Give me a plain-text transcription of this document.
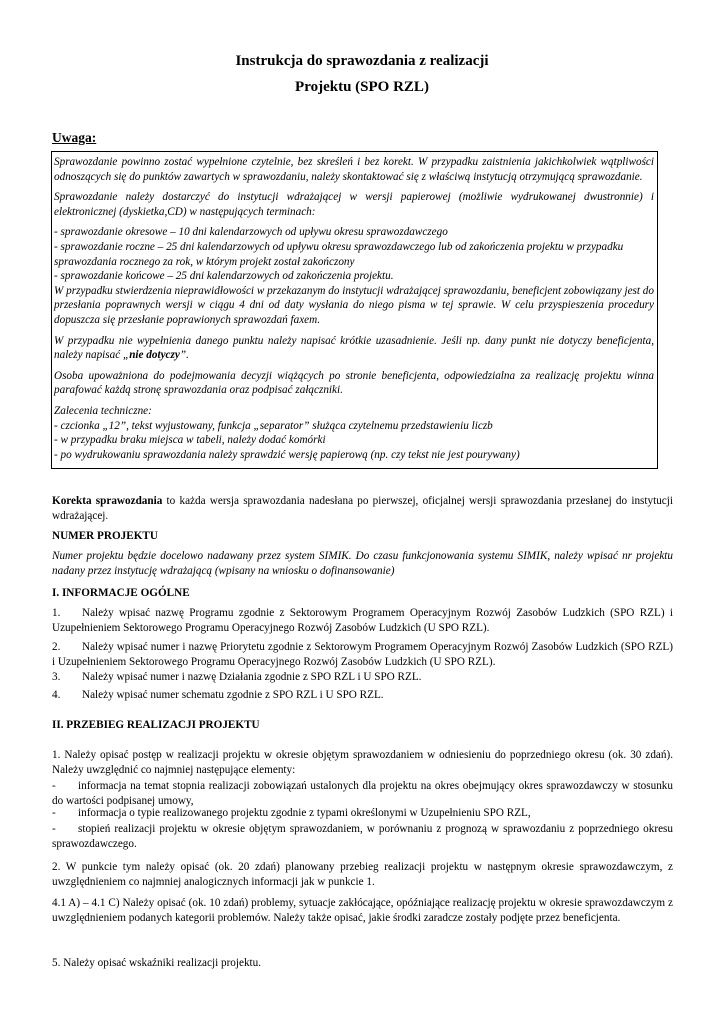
Instrukcja do sprawozdania z realizacji
Projektu (SPO RZL)
Uwaga:

Sprawozdanie powinno zostać wypełnione czytelnie, bez skreśleń i bez korekt. W przypadku zaistnienia jakichkolwiek wątpliwości odnoszących się do punktów zawartych w sprawozdaniu, należy skontaktować się z właściwą instytucją otrzymującą sprawozdanie.

Sprawozdanie należy dostarczyć do instytucji wdrażającej w wersji papierowej (możliwie wydrukowanej dwustronnie) i elektronicznej (dyskietka,CD) w następujących terminach:

- sprawozdanie okresowe – 10 dni kalendarzowych od upływu okresu sprawozdawczego
- sprawozdanie roczne – 25 dni kalendarzowych od upływu okresu sprawozdawczego lub od zakończenia projektu w przypadku
sprawozdania rocznego za rok, w którym projekt został zakończony
- sprawozdanie końcowe – 25 dni kalendarzowych od zakończenia projektu.

W przypadku stwierdzenia nieprawidłowości w przekazanym do instytucji wdrażającej sprawozdaniu, beneficjent zobowiązany jest do przesłania poprawnych wersji w ciągu 4 dni od daty wysłania do niego pisma w tej sprawie. W celu przyspieszenia procedury dopuszcza się przesłanie poprawionych sprawozdań faxem.

W przypadku nie wypełnienia danego punktu należy napisać krótkie uzasadnienie. Jeśli np. dany punkt nie dotyczy beneficjenta, należy napisać „nie dotyczy”.

Osoba upoważniona do podejmowania decyzji wiążących po stronie beneficjenta, odpowiedzialna za realizację projektu winna parafować każdą stronę sprawozdania oraz podpisać załączniki.

Zalecenia techniczne:
- czcionka „12”, tekst wyjustowany, funkcja „separator” służąca czytelnemu przedstawieniu liczb
- w przypadku braku miejsca w tabeli, należy dodać komórki
- po wydrukowaniu sprawozdania należy sprawdzić wersję papierową (np. czy tekst nie jest pourywany)

Korekta sprawozdania to każda wersja sprawozdania nadesłana po pierwszej, oficjalnej wersji sprawozdania przesłanej do instytucji wdrażającej.
NUMER PROJEKTU
Numer projektu będzie docelowo nadawany przez system SIMIK. Do czasu funkcjonowania systemu SIMIK, należy wpisać nr projektu nadany przez instytucję wdrażającą (wpisany na wniosku o dofinansowanie)
I. INFORMACJE OGÓLNE
1. Należy wpisać nazwę Programu zgodnie z Sektorowym Programem Operacyjnym Rozwój Zasobów Ludzkich (SPO RZL) i Uzupełnieniem Sektorowego Programu Operacyjnego Rozwój Zasobów Ludzkich (U SPO RZL).
2. Należy wpisać numer i nazwę Priorytetu zgodnie z Sektorowym Programem Operacyjnym Rozwój Zasobów Ludzkich (SPO RZL) i Uzupełnieniem Sektorowego Programu Operacyjnego Rozwój Zasobów Ludzkich (U SPO RZL).
3. Należy wpisać numer i nazwę Działania zgodnie z SPO RZL i U SPO RZL.
4. Należy wpisać numer schematu zgodnie z SPO RZL i U SPO RZL.
II. PRZEBIEG REALIZACJI PROJEKTU
1. Należy opisać postęp w realizacji projektu w okresie objętym sprawozdaniem w odniesieniu do poprzedniego okresu (ok. 30 zdań). Należy uwzględnić co najmniej następujące elementy:
- informacja na temat stopnia realizacji zobowiązań ustalonych dla projektu na okres obejmujący okres sprawozdawczy w stosunku do wartości podpisanej umowy,
- informacja o typie realizowanego projektu zgodnie z typami określonymi w Uzupełnieniu SPO RZL,
- stopień realizacji projektu w okresie objętym sprawozdaniem, w porównaniu z prognozą w sprawozdaniu z poprzedniego okresu sprawozdawczego.
2. W punkcie tym należy opisać (ok. 20 zdań) planowany przebieg realizacji projektu w następnym okresie sprawozdawczym, z uwzględnieniem co najmniej analogicznych informacji jak w punkcie 1.
4.1 A) – 4.1 C) Należy opisać (ok. 10 zdań) problemy, sytuacje zakłócające, opóźniające realizację projektu w okresie sprawozdawczym z uwzględnieniem podanych kategorii problemów. Należy także opisać, jakie środki zaradcze zostały podjęte przez beneficjenta.
5. Należy opisać wskaźniki realizacji projektu.
